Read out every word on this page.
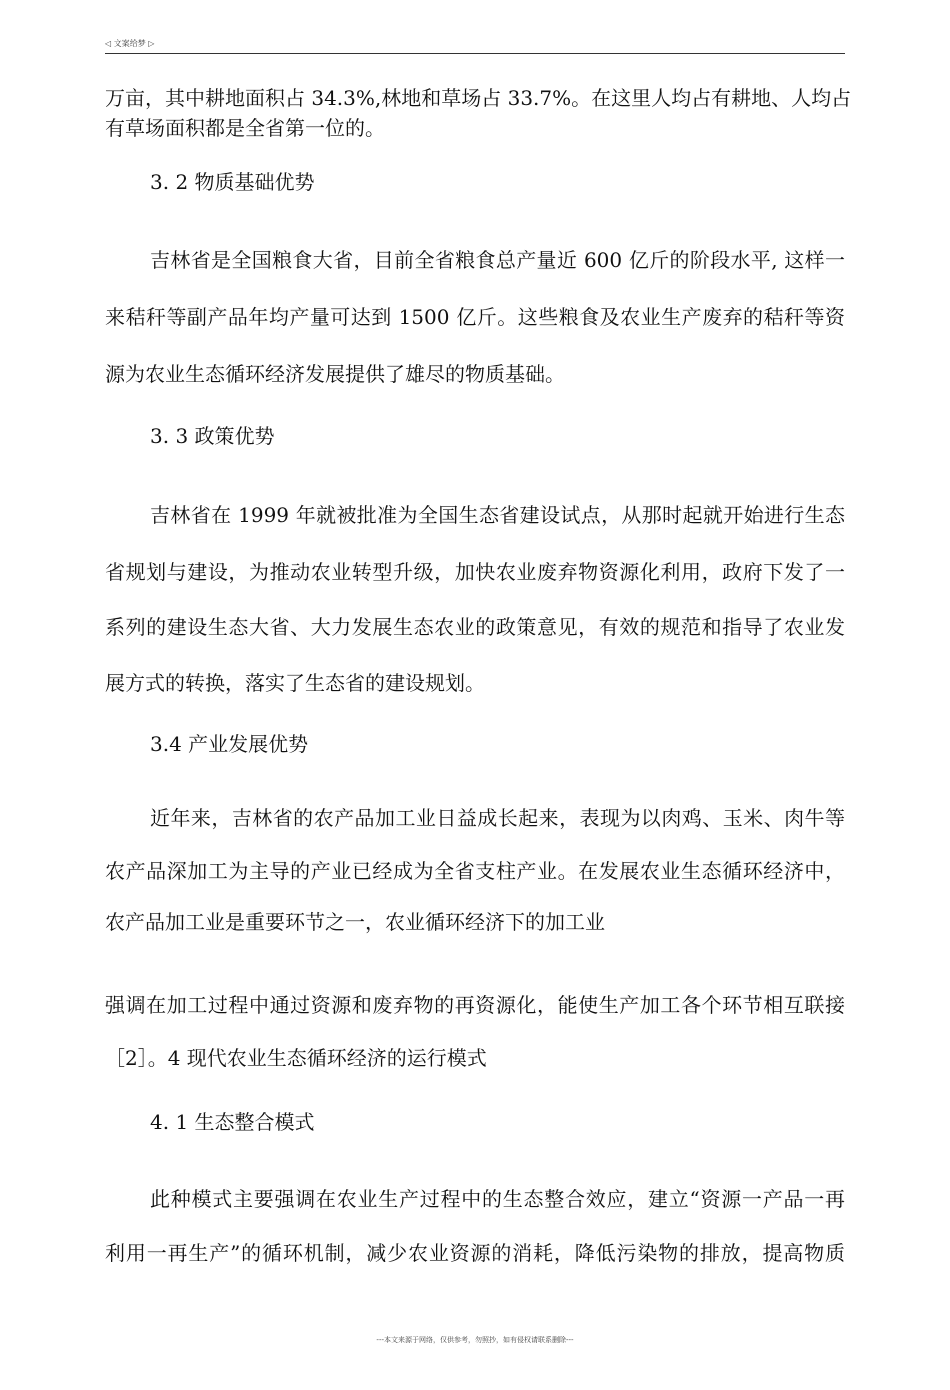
◁ 文案给梦 ▷
万亩，其中耕地面积占 34.3%,林地和草场占 33.7%。在这里人均占有耕地、人均占
有草场面积都是全省第一位的。
3. 2 物质基础优势
吉林省是全国粮食大省，目前全省粮食总产量近 600 亿斤的阶段水平, 这样一
来秸秆等副产品年均产量可达到 1500 亿斤。这些粮食及农业生产废弃的秸秆等资
源为农业生态循环经济发展提供了雄尽的物质基础。
3. 3 政策优势
吉林省在 1999 年就被批准为全国生态省建设试点，从那时起就开始进行生态
省规划与建设，为推动农业转型升级，加快农业废弃物资源化利用，政府下发了一
系列的建设生态大省、大力发展生态农业的政策意见，有效的规范和指导了农业发
展方式的转换，落实了生态省的建设规划。
3.4 产业发展优势
近年来，吉林省的农产品加工业日益成长起来，表现为以肉鸡、玉米、肉牛等
农产品深加工为主导的产业已经成为全省支柱产业。在发展农业生态循环经济中，
农产品加工业是重要环节之一，农业循环经济下的加工业
强调在加工过程中通过资源和废弃物的再资源化，能使生产加工各个环节相互联接
［2］。4 现代农业生态循环经济的运行模式
4. 1 生态整合模式
此种模式主要强调在农业生产过程中的生态整合效应，建立“资源一产品一再
利用一再生产”的循环机制，减少农业资源的消耗，降低污染物的排放，提高物质
---本文来源于网络，仅供参考，勿照抄，如有侵权请联系删除---
